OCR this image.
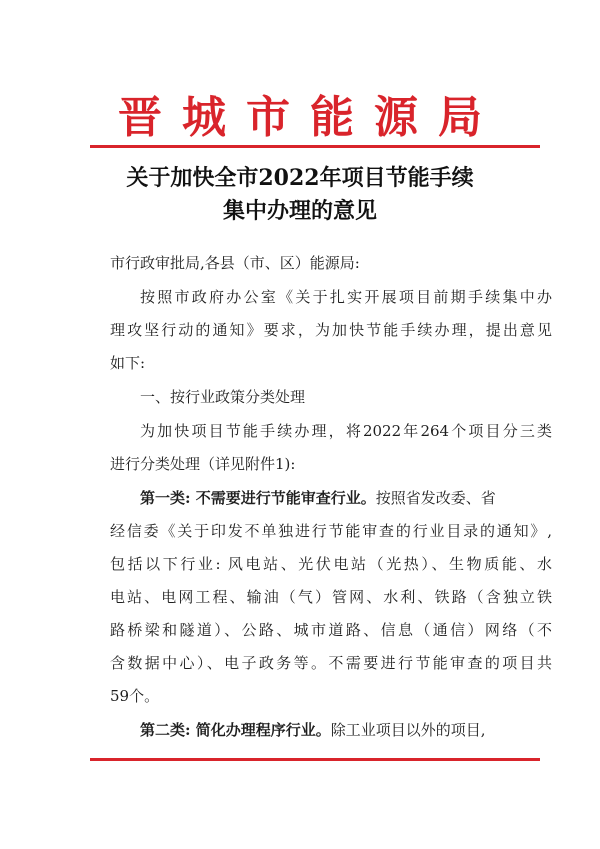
晋城市能源局
关于加快全市2022年项目节能手续
集中办理的意见
市行政审批局,各县（市、区）能源局:
按照市政府办公室《关于扎实开展项目前期手续集中办
理攻坚行动的通知》要求，为加快节能手续办理，提出意见
如下:
一、按行业政策分类处理
为加快项目节能手续办理，将2022年264个项目分三类
进行分类处理（详见附件1):
第一类: 不需要进行节能审查行业。按照省发改委、省
经信委《关于印发不单独进行节能审查的行业目录的通知》,
包括以下行业: 风电站、光伏电站（光热）、生物质能、水
电站、电网工程、输油（气）管网、水利、铁路（含独立铁
路桥梁和隧道）、公路、城市道路、信息（通信）网络（不
含数据中心）、电子政务等。不需要进行节能审查的项目共
59个。
第二类: 简化办理程序行业。除工业项目以外的项目,
